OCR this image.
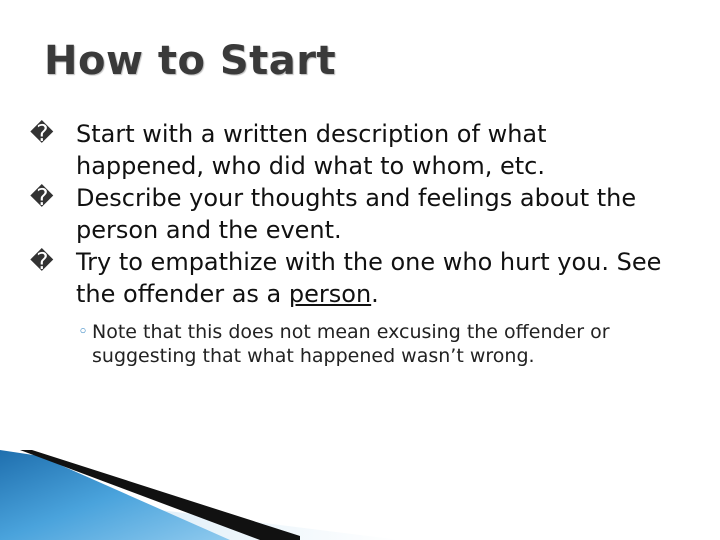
How to Start
� Start with a written description of what happened, who did what to whom, etc.
� Describe your thoughts and feelings about the person and the event.
� Try to empathize with the one who hurt you. See the offender as a person.
◦ Note that this does not mean excusing the offender or suggesting that what happened wasn’t wrong.
